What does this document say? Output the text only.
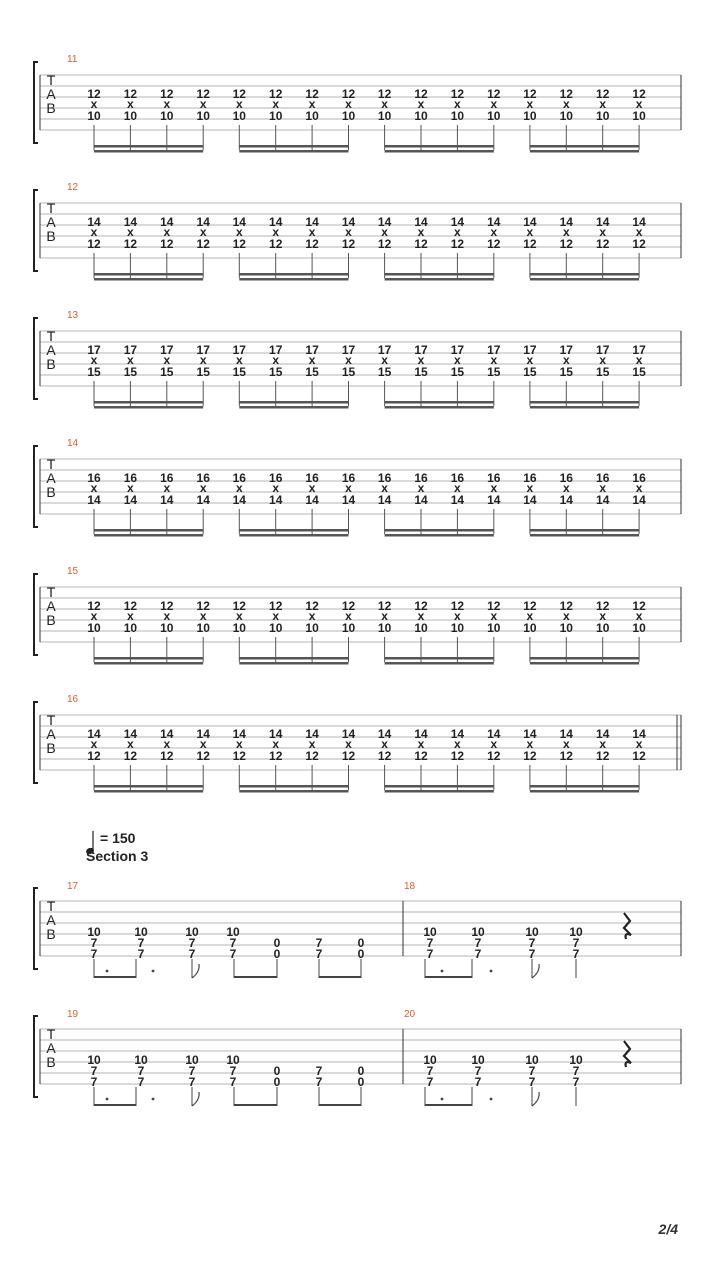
T
A
B
11
12
x
10
12
x
10
12
x
10
12
x
10
12
x
10
12
x
10
12
x
10
12
x
10
12
x
10
12
x
10
12
x
10
12
x
10
12
x
10
12
x
10
12
x
10
12
x
10
T
A
B
12
14
x
12
14
x
12
14
x
12
14
x
12
14
x
12
14
x
12
14
x
12
14
x
12
14
x
12
14
x
12
14
x
12
14
x
12
14
x
12
14
x
12
14
x
12
14
x
12
T
A
B
13
17
x
15
17
x
15
17
x
15
17
x
15
17
x
15
17
x
15
17
x
15
17
x
15
17
x
15
17
x
15
17
x
15
17
x
15
17
x
15
17
x
15
17
x
15
17
x
15
T
A
B
14
16
x
14
16
x
14
16
x
14
16
x
14
16
x
14
16
x
14
16
x
14
16
x
14
16
x
14
16
x
14
16
x
14
16
x
14
16
x
14
16
x
14
16
x
14
16
x
14
T
A
B
15
12
x
10
12
x
10
12
x
10
12
x
10
12
x
10
12
x
10
12
x
10
12
x
10
12
x
10
12
x
10
12
x
10
12
x
10
12
x
10
12
x
10
12
x
10
12
x
10
T
A
B
16
14
x
12
14
x
12
14
x
12
14
x
12
14
x
12
14
x
12
14
x
12
14
x
12
14
x
12
14
x
12
14
x
12
14
x
12
14
x
12
14
x
12
14
x
12
14
x
12
T
A
B
17	18
10
7
7
10
7
7
10
7
7
10
7
7
0
0
7
7
0
0
10
7
7
10
7
7
10
7
7
10
7
7
T
A
B
19	20
10
7
7
10
7
7
10
7
7
10
7
7
0
0
7
7
0
0
10
7
7
10
7
7
10
7
7
10
7
7
= 150
Section 3
2/4
